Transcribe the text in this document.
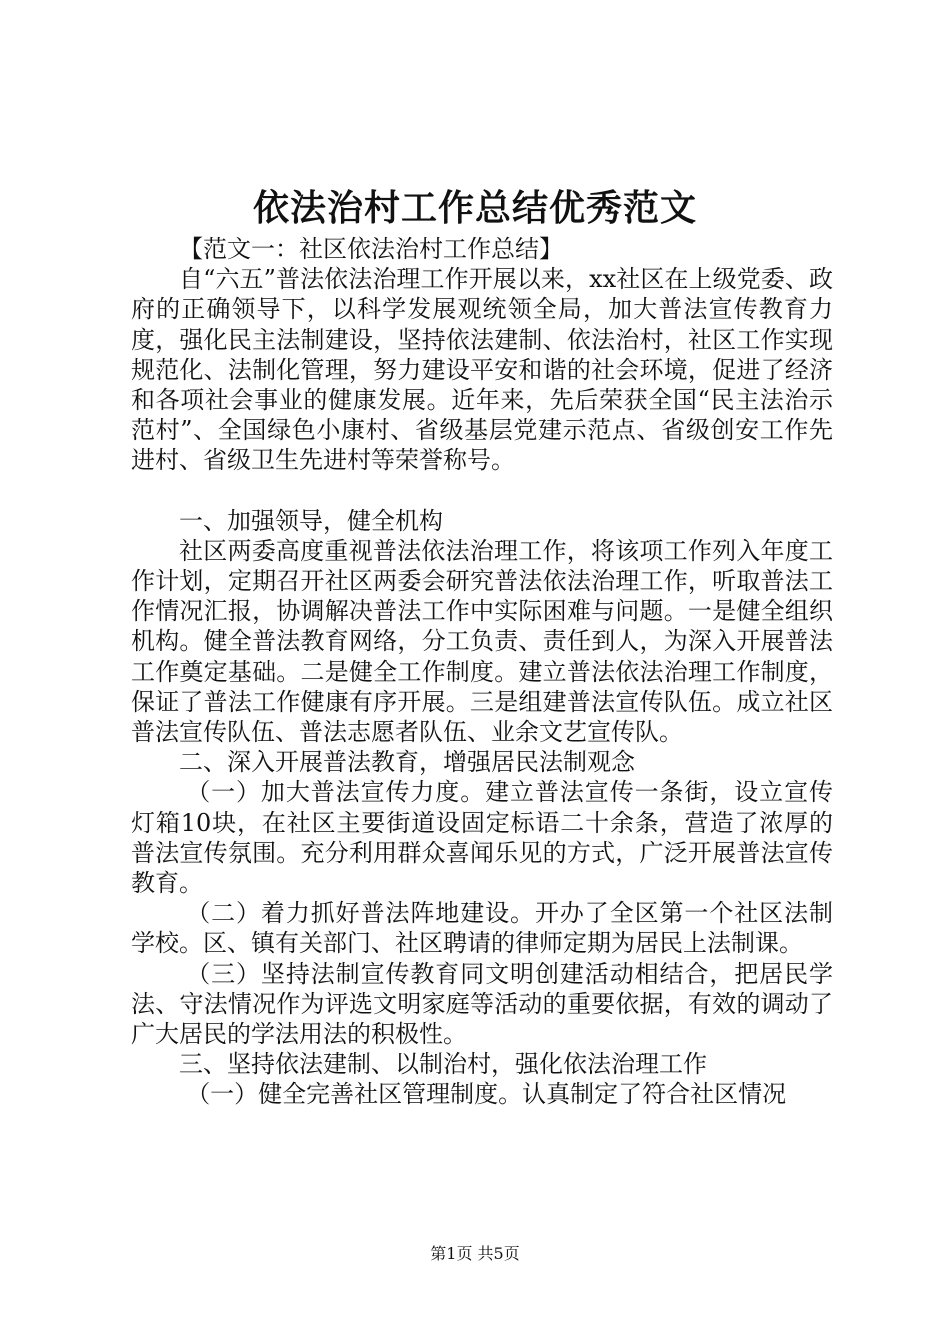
依法治村工作总结优秀范文

【范文一：社区依法治村工作总结】

自“六五”普法依法治理工作开展以来，xx社区在上级党委、政府的正确领导下，以科学发展观统领全局，加大普法宣传教育力度，强化民主法制建设，坚持依法建制、依法治村，社区工作实现规范化、法制化管理，努力建设平安和谐的社会环境，促进了经济和各项社会事业的健康发展。近年来，先后荣获全国“民主法治示范村”、全国绿色小康村、省级基层党建示范点、省级创安工作先进村、省级卫生先进村等荣誉称号。

一、加强领导，健全机构

社区两委高度重视普法依法治理工作，将该项工作列入年度工作计划，定期召开社区两委会研究普法依法治理工作，听取普法工作情况汇报，协调解决普法工作中实际困难与问题。一是健全组织机构。健全普法教育网络，分工负责、责任到人，为深入开展普法工作奠定基础。二是健全工作制度。建立普法依法治理工作制度，保证了普法工作健康有序开展。三是组建普法宣传队伍。成立社区普法宣传队伍、普法志愿者队伍、业余文艺宣传队。

二、深入开展普法教育，增强居民法制观念

（一）加大普法宣传力度。建立普法宣传一条街，设立宣传灯箱10块，在社区主要街道设固定标语二十余条，营造了浓厚的普法宣传氛围。充分利用群众喜闻乐见的方式，广泛开展普法宣传教育。

（二）着力抓好普法阵地建设。开办了全区第一个社区法制学校。区、镇有关部门、社区聘请的律师定期为居民上法制课。

（三）坚持法制宣传教育同文明创建活动相结合，把居民学法、守法情况作为评选文明家庭等活动的重要依据，有效的调动了广大居民的学法用法的积极性。

三、坚持依法建制、以制治村，强化依法治理工作

（一）健全完善社区管理制度。认真制定了符合社区情况

第1页 共5页
